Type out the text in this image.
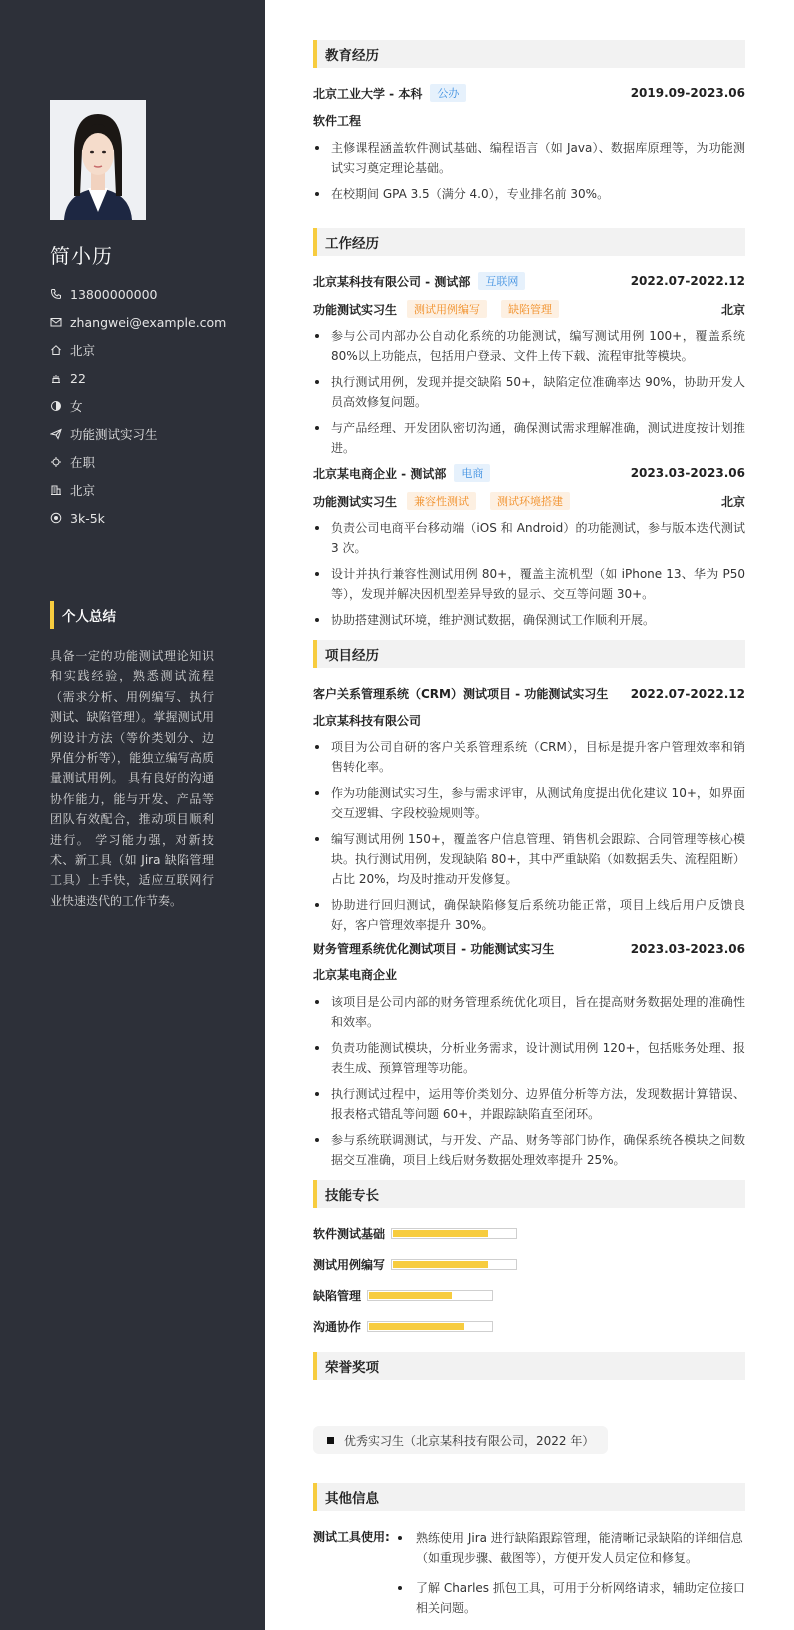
简小历
13800000000
zhangwei@example.com
北京
22
女
功能测试实习生
在职
北京
3k-5k
个人总结
具备一定的功能测试理论知识和实践经验，熟悉测试流程（需求分析、用例编写、执行测试、缺陷管理）。掌握测试用例设计方法（等价类划分、边界值分析等），能独立编写高质量测试用例。 具有良好的沟通协作能力，能与开发、产品等团队有效配合，推动项目顺利进行。 学习能力强，对新技术、新工具（如 Jira 缺陷管理工具）上手快，适应互联网行业快速迭代的工作节奏。
教育经历
北京工业大学 - 本科	公办	2019.09-2023.06
软件工程
主修课程涵盖软件测试基础、编程语言（如 Java）、数据库原理等，为功能测试实习奠定理论基础。
在校期间 GPA 3.5（满分 4.0），专业排名前 30%。
工作经历
北京某科技有限公司 - 测试部	互联网	2022.07-2022.12
功能测试实习生	测试用例编写	缺陷管理	北京
参与公司内部办公自动化系统的功能测试，编写测试用例 100+，覆盖系统 80%以上功能点，包括用户登录、文件上传下载、流程审批等模块。
执行测试用例，发现并提交缺陷 50+，缺陷定位准确率达 90%，协助开发人员高效修复问题。
与产品经理、开发团队密切沟通，确保测试需求理解准确，测试进度按计划推进。
北京某电商企业 - 测试部	电商	2023.03-2023.06
功能测试实习生	兼容性测试	测试环境搭建	北京
负责公司电商平台移动端（iOS 和 Android）的功能测试，参与版本迭代测试 3 次。
设计并执行兼容性测试用例 80+，覆盖主流机型（如 iPhone 13、华为 P50 等），发现并解决因机型差异导致的显示、交互等问题 30+。
协助搭建测试环境，维护测试数据，确保测试工作顺利开展。
项目经历
客户关系管理系统（CRM）测试项目 - 功能测试实习生 2022.07-2022.12
北京某科技有限公司
项目为公司自研的客户关系管理系统（CRM），目标是提升客户管理效率和销售转化率。
作为功能测试实习生，参与需求评审，从测试角度提出优化建议 10+，如界面交互逻辑、字段校验规则等。
编写测试用例 150+，覆盖客户信息管理、销售机会跟踪、合同管理等核心模块。执行测试用例，发现缺陷 80+，其中严重缺陷（如数据丢失、流程阻断）占比 20%，均及时推动开发修复。
协助进行回归测试，确保缺陷修复后系统功能正常，项目上线后用户反馈良好，客户管理效率提升 30%。
财务管理系统优化测试项目 - 功能测试实习生	2023.03-2023.06
北京某电商企业
该项目是公司内部的财务管理系统优化项目，旨在提高财务数据处理的准确性和效率。
负责功能测试模块，分析业务需求，设计测试用例 120+，包括账务处理、报表生成、预算管理等功能。
执行测试过程中，运用等价类划分、边界值分析等方法，发现数据计算错误、报表格式错乱等问题 60+，并跟踪缺陷直至闭环。
参与系统联调测试，与开发、产品、财务等部门协作，确保系统各模块之间数据交互准确，项目上线后财务数据处理效率提升 25%。
技能专长
软件测试基础
测试用例编写
缺陷管理
沟通协作
荣誉奖项
优秀实习生（北京某科技有限公司，2022 年）
其他信息
测试工具使用:	熟练使用 Jira 进行缺陷跟踪管理，能清晰记录缺陷的详细信息（如重现步骤、截图等），方便开发人员定位和修复。
了解 Charles 抓包工具，可用于分析网络请求，辅助定位接口相关问题。
